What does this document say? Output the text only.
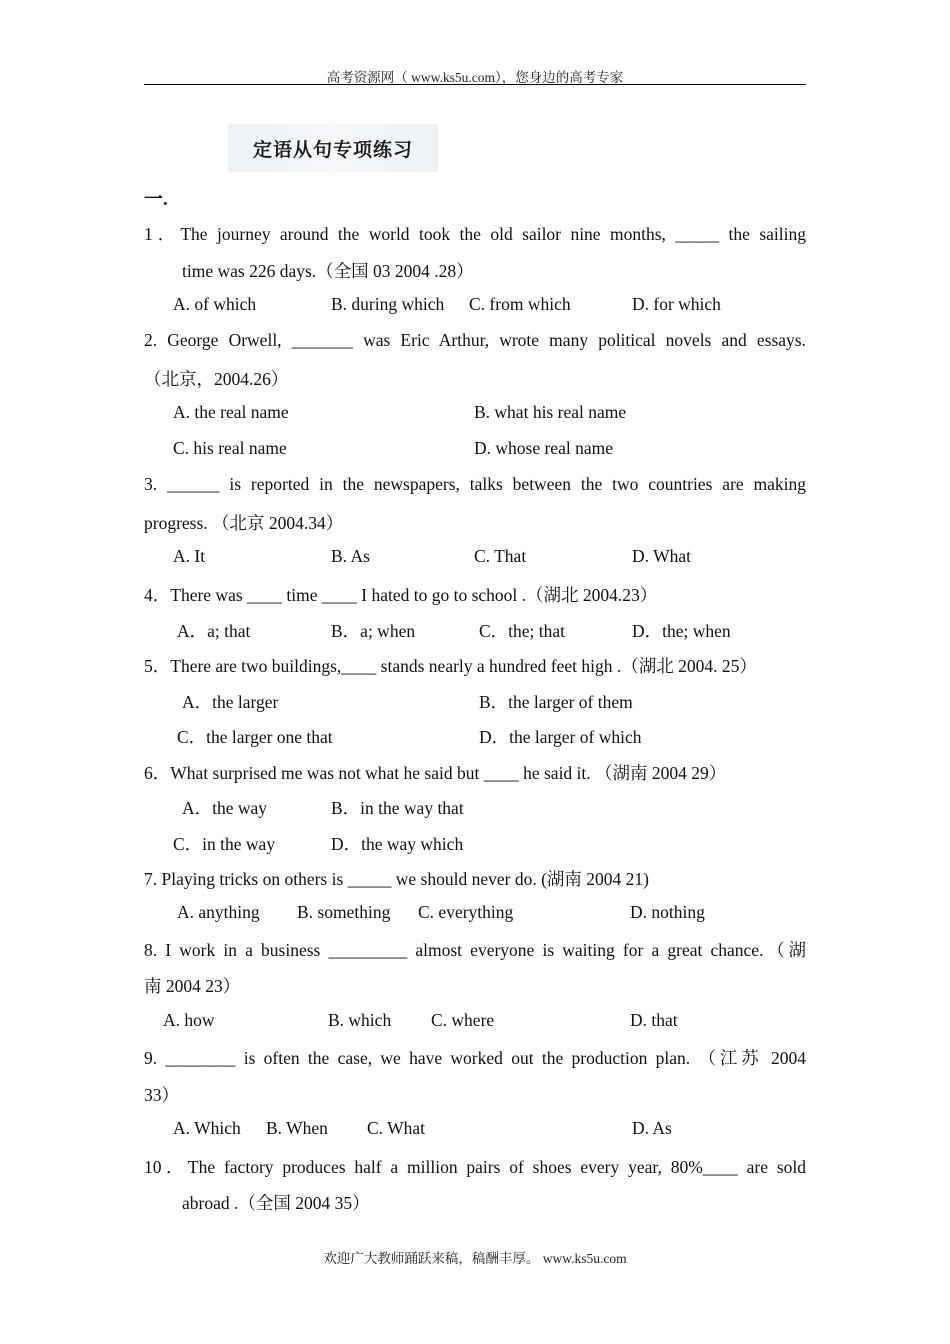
高考资源网（ www.ks5u.com），您身边的高考专家
定语从句专项练习
一.
1．The journey around the world took the old sailor nine months, _____ the sailing
time was 226 days.（全国 03 2004 .28）
A. of which	B. during which C. from which	D. for which
2. George Orwell, _______ was Eric Arthur, wrote many political novels and essays.
（北京，2004.26）
A. the real name	B. what his real name
C. his real name	D. whose real name
3. ______ is reported in the newspapers, talks between the two countries are making
progress. （北京 2004.34）
A. It	B. As	C. That	D. What
4．There was ____ time ____ I hated to go to school .（湖北 2004.23）
A．a; that	B．a; when	C．the; that	D．the; when
5．There are two buildings,____ stands nearly a hundred feet high .（湖北 2004. 25）
A．the larger	B．the larger of them
C．the larger one that	D．the larger of which
6．What surprised me was not what he said but ____ he said it. （湖南 2004 29）
A．the way	B．in the way that
C．in the way	D．the way which
7. Playing tricks on others is _____ we should never do. (湖南 2004 21)
A. anything B. something C. everything	D. nothing
8. I work in a business _________ almost everyone is waiting for a great chance.（湖
南 2004 23）
A. how	B. which C. where	D. that
9. ________ is often the case, we have worked out the production plan. （江苏 2004
33）
A. Which B. When C. What	D. As
10．The factory produces half a million pairs of shoes every year, 80%____ are sold
abroad .（全国 2004 35）
欢迎广大教师踊跃来稿，稿酬丰厚。 www.ks5u.com
